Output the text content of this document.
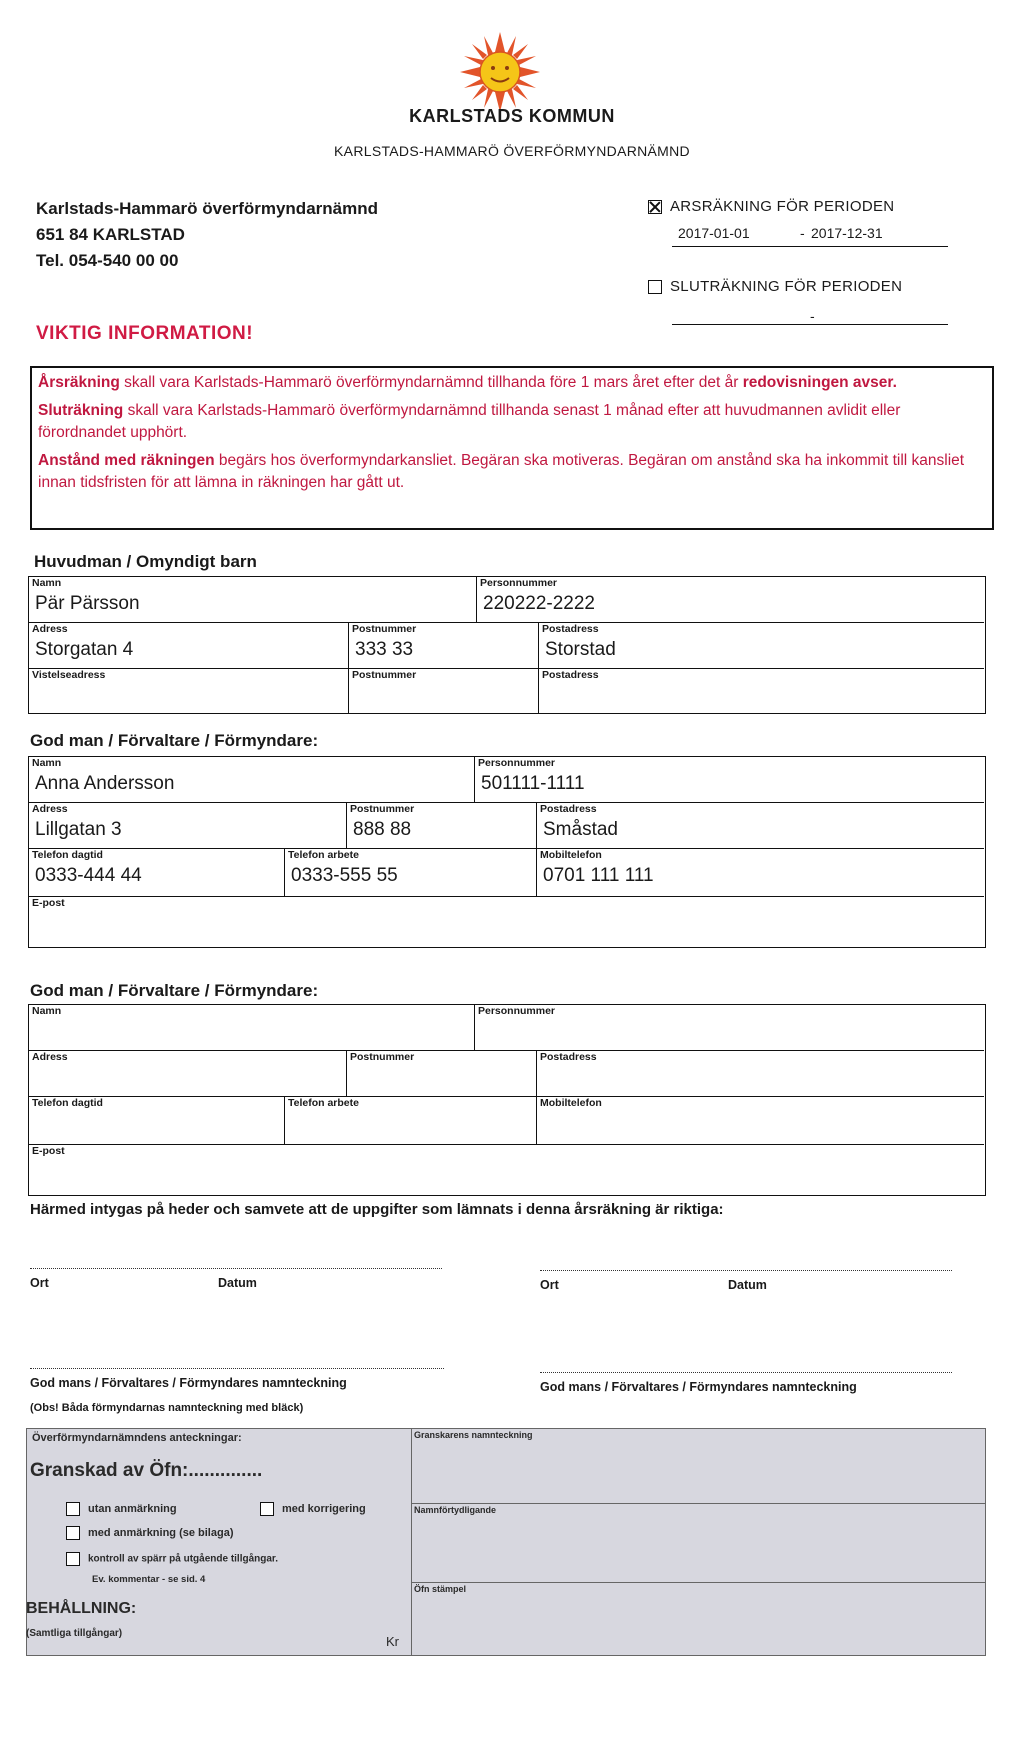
KARLSTADS KOMMUN
KARLSTADS-HAMMARÖ ÖVERFÖRMYNDARNÄMND
Karlstads-Hammarö överförmyndarnämnd
651 84 KARLSTAD
Tel. 054-540 00 00
ARSRÄKNING FÖR PERIODEN
2017-01-01	- 2017-12-31
SLUTRÄKNING FÖR PERIODEN
-
VIKTIG INFORMATION!

Årsräkning skall vara Karlstads-Hammarö överförmyndarnämnd tillhanda före 1 mars året efter det år redovisningen avser.

Sluträkning skall vara Karlstads-Hammarö överförmyndarnämnd tillhanda senast 1 månad efter att huvudmannen avlidit eller förordnandet upphört.

Anstånd med räkningen begärs hos överformyndarkansliet. Begäran ska motiveras. Begäran om anstånd ska ha inkommit till kansliet innan tidsfristen för att lämna in räkningen har gått ut.

Huvudman / Omyndigt barn
Namn
Pär Pärsson
Personnummer
220222-2222
Adress
Storgatan 4
Postnummer
333 33
Postadress
Storstad
Vistelseadress	Postnummer	Postadress
God man / Förvaltare / Förmyndare:
Namn
Anna Andersson
Personnummer
501111-1111
Adress
Lillgatan 3
Postnummer
888 88
Postadress
Småstad
Telefon dagtid
0333-444 44
Telefon arbete
0333-555 55
Mobiltelefon
0701 111 111
E-post
God man / Förvaltare / Förmyndare:
Namn	Personnummer
Adress	Postnummer	Postadress
Telefon dagtid	Telefon arbete	Mobiltelefon
E-post
Härmed intygas på heder och samvete att de uppgifter som lämnats i denna årsräkning är riktiga:
Ort	Datum	Ort	Datum
God mans / Förvaltares / Förmyndares namnteckning
(Obs! Båda förmyndarnas namnteckning med bläck)
God mans / Förvaltares / Förmyndares namnteckning
Överförmyndarnämndens anteckningar:
Granskad av Öfn:..............
utan anmärkning	med korrigering
med anmärkning (se bilaga)
kontroll av spärr på utgående tillgångar.
Ev. kommentar - se sid. 4
BEHÅLLNING:
(Samtliga tillgångar)
Kr
Granskarens namnteckning
Namnförtydligande
Öfn stämpel
